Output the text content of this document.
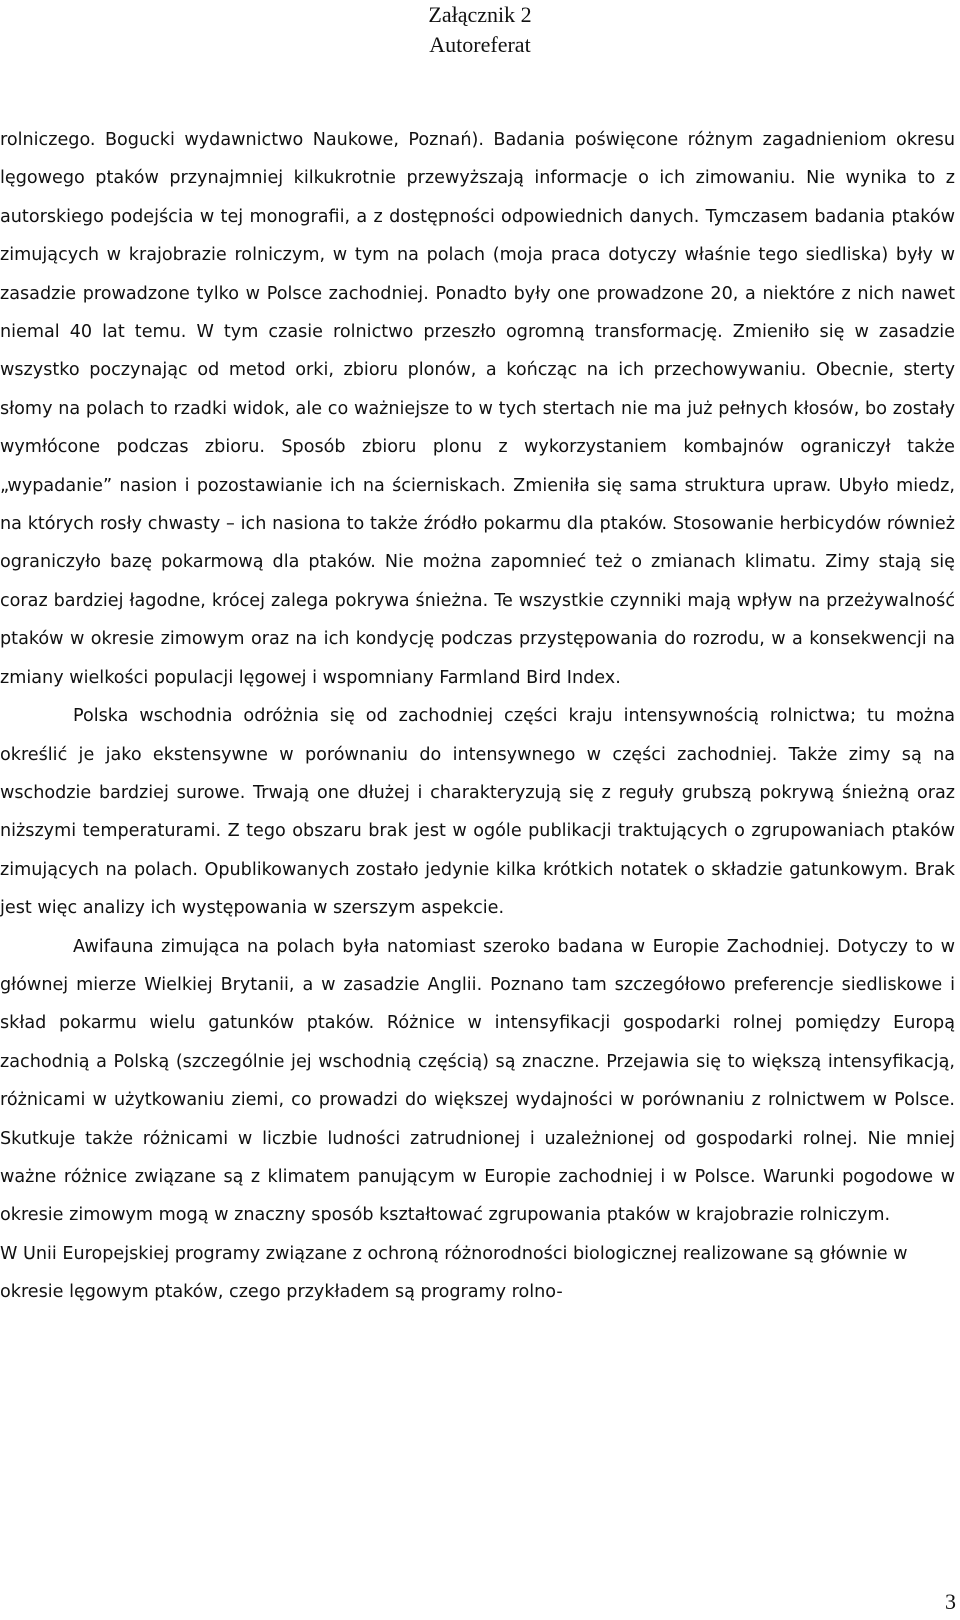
Załącznik 2
Autoreferat

rolniczego. Bogucki wydawnictwo Naukowe, Poznań). Badania poświęcone różnym zagadnieniom okresu lęgowego ptaków przynajmniej kilkukrotnie przewyższają informacje o ich zimowaniu. Nie wynika to z autorskiego podejścia w tej monografii, a z dostępności odpowiednich danych. Tymczasem badania ptaków zimujących w krajobrazie rolniczym, w tym na polach (moja praca dotyczy właśnie tego siedliska) były w zasadzie prowadzone tylko w Polsce zachodniej. Ponadto były one prowadzone 20, a niektóre z nich nawet niemal 40 lat temu. W tym czasie rolnictwo przeszło ogromną transformację. Zmieniło się w zasadzie wszystko poczynając od metod orki, zbioru plonów, a kończąc na ich przechowywaniu. Obecnie, sterty słomy na polach to rzadki widok, ale co ważniejsze to w tych stertach nie ma już pełnych kłosów, bo zostały wymłócone podczas zbioru. Sposób zbioru plonu z wykorzystaniem kombajnów ograniczył także „wypadanie” nasion i pozostawianie ich na ścierniskach. Zmieniła się sama struktura upraw. Ubyło miedz, na których rosły chwasty – ich nasiona to także źródło pokarmu dla ptaków. Stosowanie herbicydów również ograniczyło bazę pokarmową dla ptaków. Nie można zapomnieć też o zmianach klimatu. Zimy stają się coraz bardziej łagodne, krócej zalega pokrywa śnieżna. Te wszystkie czynniki mają wpływ na przeżywalność ptaków w okresie zimowym oraz na ich kondycję podczas przystępowania do rozrodu, w a konsekwencji na zmiany wielkości populacji lęgowej i wspomniany Farmland Bird Index.

Polska wschodnia odróżnia się od zachodniej części kraju intensywnością rolnictwa; tu można określić je jako ekstensywne w porównaniu do intensywnego w części zachodniej. Także zimy są na wschodzie bardziej surowe. Trwają one dłużej i charakteryzują się z reguły grubszą pokrywą śnieżną oraz niższymi temperaturami. Z tego obszaru brak jest w ogóle publikacji traktujących o zgrupowaniach ptaków zimujących na polach. Opublikowanych zostało jedynie kilka krótkich notatek o składzie gatunkowym. Brak jest więc analizy ich występowania w szerszym aspekcie.

Awifauna zimująca na polach była natomiast szeroko badana w Europie Zachodniej. Dotyczy to w głównej mierze Wielkiej Brytanii, a w zasadzie Anglii. Poznano tam szczegółowo preferencje siedliskowe i skład pokarmu wielu gatunków ptaków. Różnice w intensyfikacji gospodarki rolnej pomiędzy Europą zachodnią a Polską (szczególnie jej wschodnią częścią) są znaczne. Przejawia się to większą intensyfikacją, różnicami w użytkowaniu ziemi, co prowadzi do większej wydajności w porównaniu z rolnictwem w Polsce. Skutkuje także różnicami w liczbie ludności zatrudnionej i uzależnionej od gospodarki rolnej. Nie mniej ważne różnice związane są z klimatem panującym w Europie zachodniej i w Polsce. Warunki pogodowe w okresie zimowym mogą w znaczny sposób kształtować zgrupowania ptaków w krajobrazie rolniczym.

W Unii Europejskiej programy związane z ochroną różnorodności biologicznej realizowane są głównie w okresie lęgowym ptaków, czego przykładem są programy rolno-

3
